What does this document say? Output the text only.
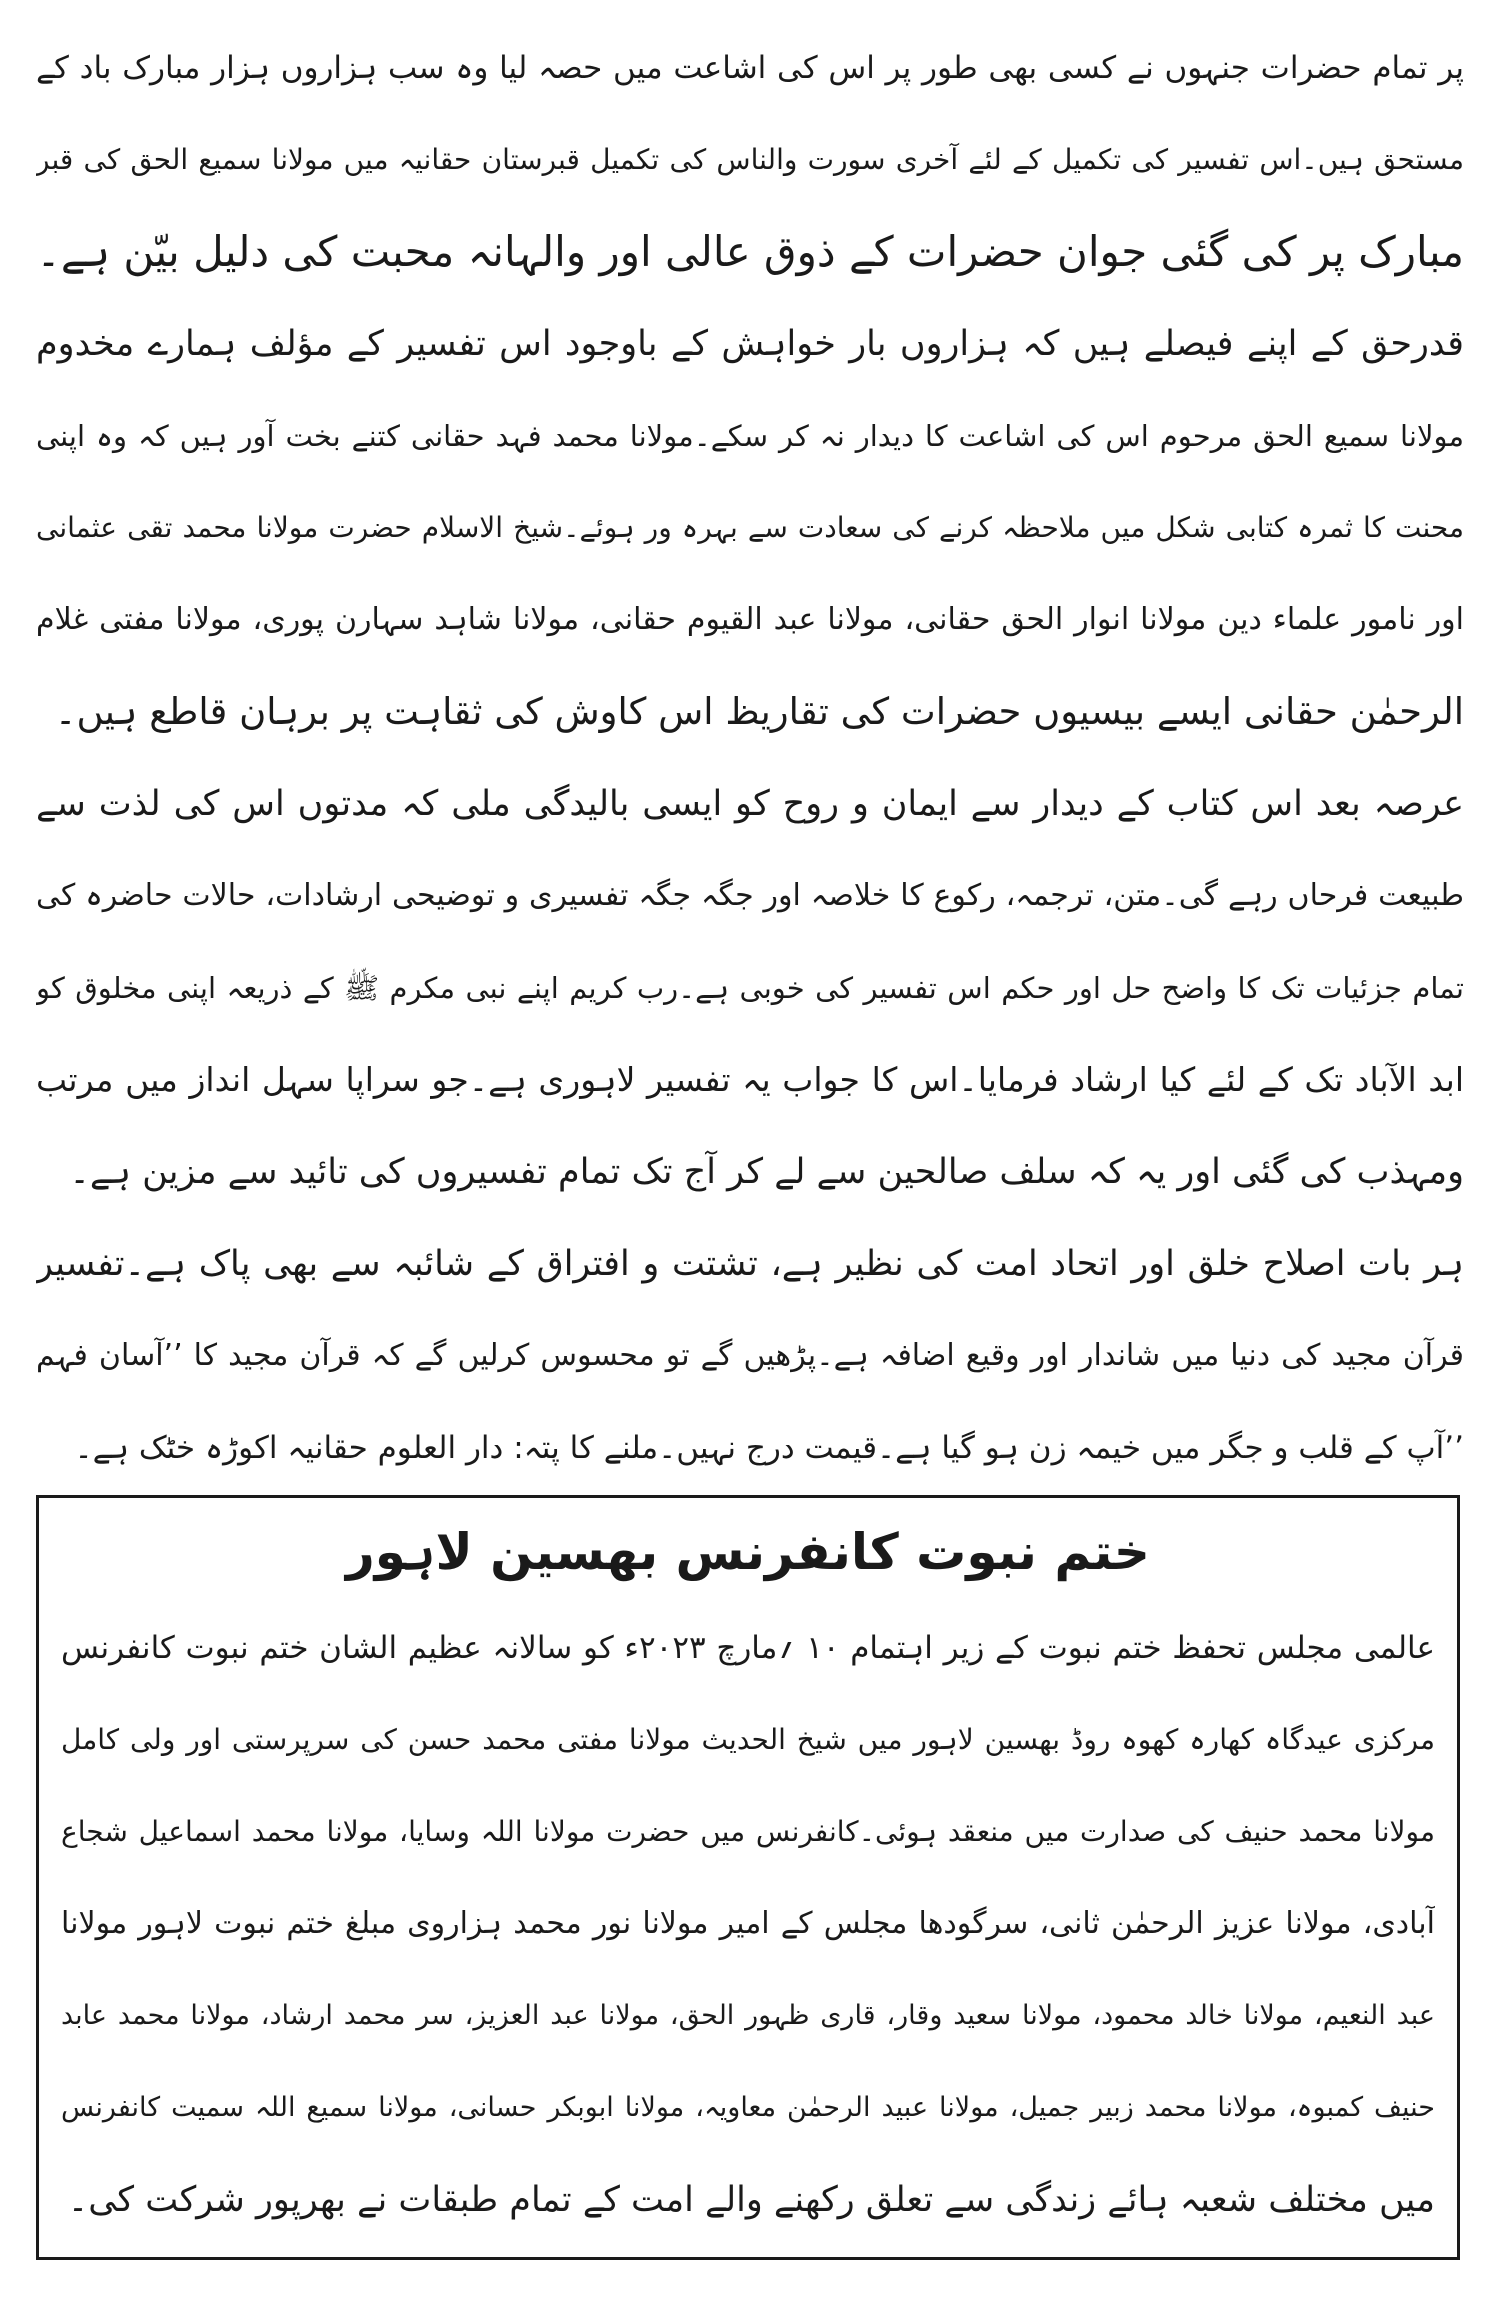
پر تمام حضرات جنہوں نے کسی بھی طور پر اس کی اشاعت میں حصہ لیا وہ سب ہزاروں ہزار مبارک باد کے
مستحق ہیں۔اس تفسیر کی تکمیل کے لئے آخری سورت والناس کی تکمیل قبرستان حقانیہ میں مولانا سمیع الحق کی قبر
مبارک پر کی گئی جوان حضرات کے ذوق عالی اور والہانہ محبت کی دلیل بیّن ہے۔
قدرحق کے اپنے فیصلے ہیں کہ ہزاروں بار خواہش کے باوجود اس تفسیر کے مؤلف ہمارے مخدوم
مولانا سمیع الحق مرحوم اس کی اشاعت کا دیدار نہ کر سکے۔مولانا محمد فہد حقانی کتنے بخت آور ہیں کہ وہ اپنی
محنت کا ثمرہ کتابی شکل میں ملاحظہ کرنے کی سعادت سے بہرہ ور ہوئے۔شیخ الاسلام حضرت مولانا محمد تقی عثمانی
اور نامور علماء دین مولانا انوار الحق حقانی، مولانا عبد القیوم حقانی، مولانا شاہد سہارن پوری، مولانا مفتی غلام
الرحمٰن حقانی ایسے بیسیوں حضرات کی تقاریظ اس کاوش کی ثقاہت پر برہان قاطع ہیں۔
عرصہ بعد اس کتاب کے دیدار سے ایمان و روح کو ایسی بالیدگی ملی کہ مدتوں اس کی لذت سے
طبیعت فرحاں رہے گی۔متن، ترجمہ، رکوع کا خلاصہ اور جگہ جگہ تفسیری و توضیحی ارشادات، حالات حاضرہ کی
تمام جزئیات تک کا واضح حل اور حکم اس تفسیر کی خوبی ہے۔رب کریم اپنے نبی مکرم ﷺ کے ذریعہ اپنی مخلوق کو
ابد الآباد تک کے لئے کیا ارشاد فرمایا۔اس کا جواب یہ تفسیر لاہوری ہے۔جو سراپا سہل انداز میں مرتب
ومہذب کی گئی اور یہ کہ سلف صالحین سے لے کر آج تک تمام تفسیروں کی تائید سے مزین ہے۔
ہر بات اصلاح خلق اور اتحاد امت کی نظیر ہے، تشتت و افتراق کے شائبہ سے بھی پاک ہے۔تفسیر
قرآن مجید کی دنیا میں شاندار اور وقیع اضافہ ہے۔پڑھیں گے تو محسوس کرلیں گے کہ قرآن مجید کا ’’آسان فہم
’’آپ کے قلب و جگر میں خیمہ زن ہو گیا ہے۔قیمت درج نہیں۔ملنے کا پتہ: دار العلوم حقانیہ اکوڑہ خٹک ہے۔
ختم نبوت کانفرنس بھسین لاہور
عالمی مجلس تحفظ ختم نبوت کے زیر اہتمام ۱۰ ؍مارچ ۲۰۲۳ء کو سالانہ عظیم الشان ختم نبوت کانفرنس
مرکزی عیدگاہ کھارہ کھوہ روڈ بھسین لاہور میں شیخ الحدیث مولانا مفتی محمد حسن کی سرپرستی اور ولی کامل
مولانا محمد حنیف کی صدارت میں منعقد ہوئی۔کانفرنس میں حضرت مولانا اللہ وسایا، مولانا محمد اسماعیل شجاع
آبادی، مولانا عزیز الرحمٰن ثانی، سرگودھا مجلس کے امیر مولانا نور محمد ہزاروی مبلغ ختم نبوت لاہور مولانا
عبد النعیم، مولانا خالد محمود، مولانا سعید وقار، قاری ظہور الحق، مولانا عبد العزیز، سر محمد ارشاد، مولانا محمد عابد
حنیف کمبوہ، مولانا محمد زبیر جمیل، مولانا عبید الرحمٰن معاویہ، مولانا ابوبکر حسانی، مولانا سمیع اللہ سمیت کانفرنس
میں مختلف شعبہ ہائے زندگی سے تعلق رکھنے والے امت کے تمام طبقات نے بھرپور شرکت کی۔
